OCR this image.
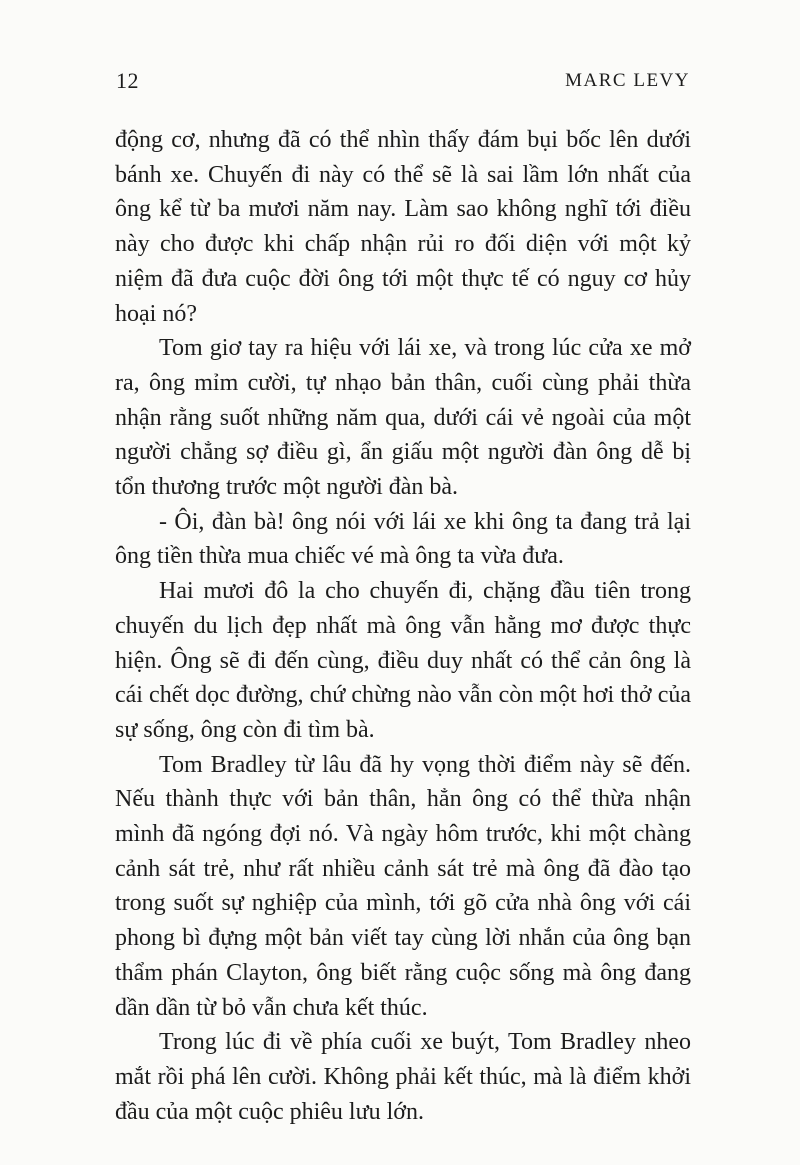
12	MARC LEVY

động cơ, nhưng đã có thể nhìn thấy đám bụi bốc lên dưới bánh xe. Chuyến đi này có thể sẽ là sai lầm lớn nhất của ông kể từ ba mươi năm nay. Làm sao không nghĩ tới điều này cho được khi chấp nhận rủi ro đối diện với một kỷ niệm đã đưa cuộc đời ông tới một thực tế có nguy cơ hủy hoại nó?

Tom giơ tay ra hiệu với lái xe, và trong lúc cửa xe mở ra, ông mỉm cười, tự nhạo bản thân, cuối cùng phải thừa nhận rằng suốt những năm qua, dưới cái vẻ ngoài của một người chẳng sợ điều gì, ẩn giấu một người đàn ông dễ bị tổn thương trước một người đàn bà.

- Ôi, đàn bà! ông nói với lái xe khi ông ta đang trả lại ông tiền thừa mua chiếc vé mà ông ta vừa đưa.

Hai mươi đô la cho chuyến đi, chặng đầu tiên trong chuyến du lịch đẹp nhất mà ông vẫn hằng mơ được thực hiện. Ông sẽ đi đến cùng, điều duy nhất có thể cản ông là cái chết dọc đường, chứ chừng nào vẫn còn một hơi thở của sự sống, ông còn đi tìm bà.

Tom Bradley từ lâu đã hy vọng thời điểm này sẽ đến. Nếu thành thực với bản thân, hẳn ông có thể thừa nhận mình đã ngóng đợi nó. Và ngày hôm trước, khi một chàng cảnh sát trẻ, như rất nhiều cảnh sát trẻ mà ông đã đào tạo trong suốt sự nghiệp của mình, tới gõ cửa nhà ông với cái phong bì đựng một bản viết tay cùng lời nhắn của ông bạn thẩm phán Clayton, ông biết rằng cuộc sống mà ông đang dần dần từ bỏ vẫn chưa kết thúc.

Trong lúc đi về phía cuối xe buýt, Tom Bradley nheo mắt rồi phá lên cười. Không phải kết thúc, mà là điểm khởi đầu của một cuộc phiêu lưu lớn.
